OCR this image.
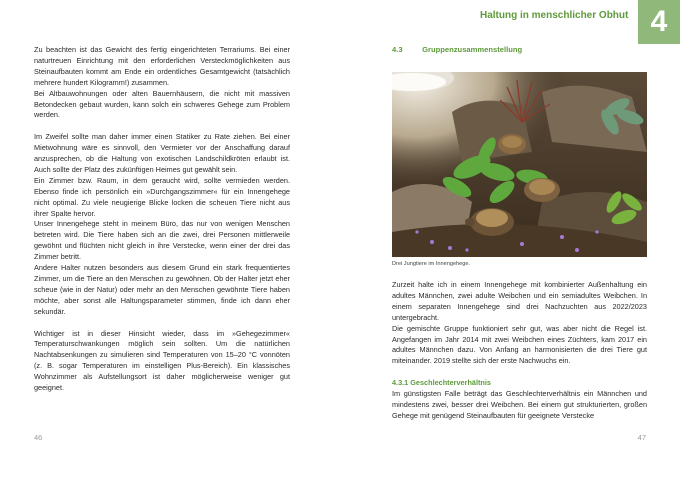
Zu beachten ist das Gewicht des fertig eingerichteten Terrariums. Bei einer naturtreuen Einrichtung mit den erforderlichen Versteckmöglichkeiten aus Steinaufbauten kommt am Ende ein ordentliches Gesamtgewicht (tatsächlich mehrere hundert Kilogramm!) zusammen.

Bei Altbauwohnungen oder alten Bauernhäusern, die nicht mit massiven Betondecken gebaut wurden, kann solch ein schweres Gehege zum Problem werden.

Im Zweifel sollte man daher immer einen Statiker zu Rate ziehen. Bei einer Mietwohnung wäre es sinnvoll, den Vermieter vor der Anschaffung darauf anzusprechen, ob die Haltung von exotischen Landschildkröten erlaubt ist. Auch sollte der Platz des zukünftigen Heimes gut gewählt sein.

Ein Zimmer bzw. Raum, in dem geraucht wird, sollte vermieden werden. Ebenso finde ich persönlich ein »Durchgangszimmer« für ein Innengehege nicht optimal. Zu viele neugierige Blicke locken die scheuen Tiere nicht aus ihrer Spalte hervor.

Unser Innengehege steht in meinem Büro, das nur von wenigen Menschen betreten wird. Die Tiere haben sich an die zwei, drei Personen mittlerweile gewöhnt und flüchten nicht gleich in ihre Verstecke, wenn einer der drei das Zimmer betritt.

Andere Halter nutzen besonders aus diesem Grund ein stark frequentiertes Zimmer, um die Tiere an den Menschen zu gewöhnen. Ob der Halter jetzt eher scheue (wie in der Natur) oder mehr an den Menschen gewöhnte Tiere haben möchte, aber sonst alle Haltungsparameter stimmen, finde ich dann eher sekundär.

Wichtiger ist in dieser Hinsicht wieder, dass im »Gehegezimmer« Temperaturschwankungen möglich sein sollten. Um die natürlichen Nachtabsenkungen zu simulieren sind Temperaturen von 15–20 °C vonnöten (z. B. sogar Temperaturen im einstelligen Plus-Bereich). Ein klassisches Wohnzimmer als Aufstellungsort ist daher möglicherweise weniger gut geeignet.

46
Haltung in menschlicher Obhut 4
4.3	Gruppenzusammenstellung
Drei Jungtiere im Innengehege.

Zurzeit halte ich in einem Innengehege mit kombinierter Außenhaltung ein adultes Männchen, zwei adulte Weibchen und ein semiadultes Weibchen. In einem separaten Innengehege sind drei Nachzuchten aus 2022/2023 untergebracht.

Die gemischte Gruppe funktioniert sehr gut, was aber nicht die Regel ist. Angefangen im Jahr 2014 mit zwei Weibchen eines Züchters, kam 2017 ein adultes Männchen dazu. Von Anfang an harmonisierten die drei Tiere gut miteinander. 2019 stellte sich der erste Nachwuchs ein.

4.3.1 Geschlechterverhältnis

Im günstigsten Falle beträgt das Geschlechterverhältnis ein Männchen und mindestens zwei, besser drei Weibchen. Bei einem gut strukturierten, großen Gehege mit genügend Steinaufbauten für geeignete Verstecke

47
